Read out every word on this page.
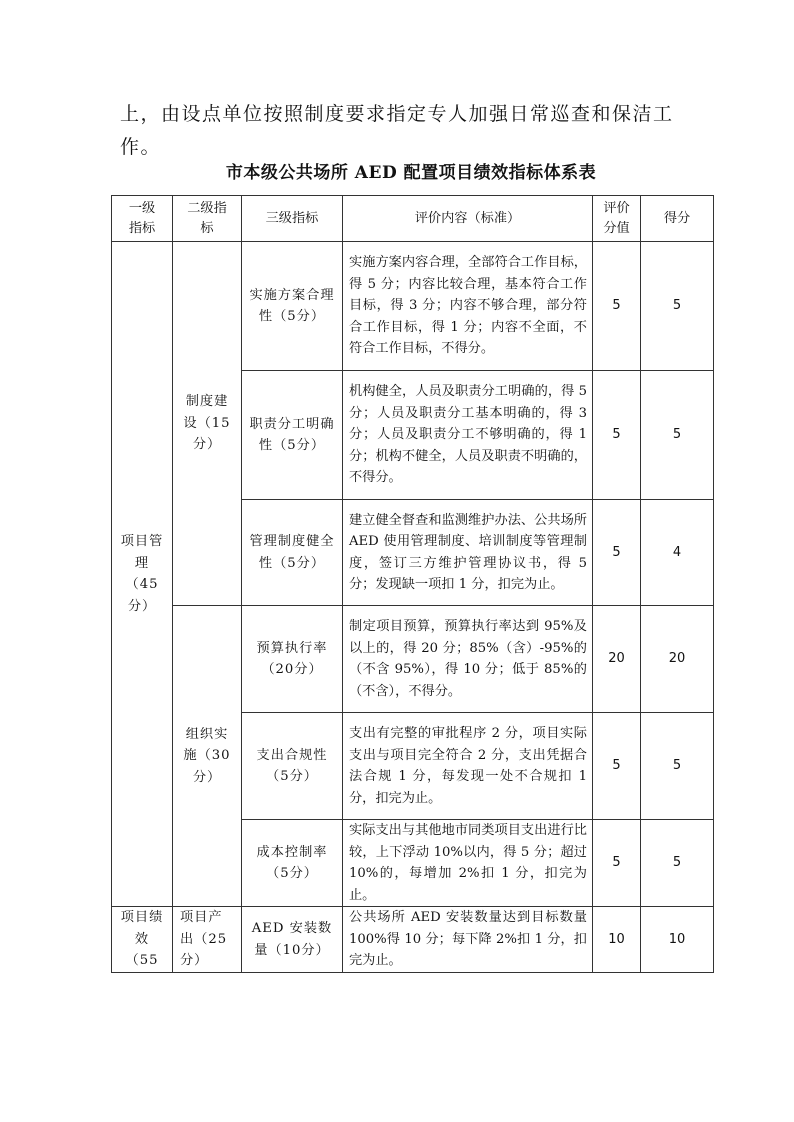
上，由设点单位按照制度要求指定专人加强日常巡查和保洁工作。

市本级公共场所 AED 配置项目绩效指标体系表
一级指标	二级指标	三级指标	评价内容（标准）	评价分值	得分
项目管理（45分）	制度建设（15分）	实施方案合理性（5分）	实施方案内容合理，全部符合工作目标，得 5 分；内容比较合理，基本符合工作目标，得 3 分；内容不够合理，部分符合工作目标，得 1 分；内容不全面，不符合工作目标，不得分。	5	5
		职责分工明确性（5分）	机构健全，人员及职责分工明确的，得 5 分；人员及职责分工基本明确的，得 3 分；人员及职责分工不够明确的，得 1 分；机构不健全，人员及职责不明确的，不得分。	5	5
		管理制度健全性（5分）	建立健全督查和监测维护办法、公共场所 AED 使用管理制度、培训制度等管理制度，签订三方维护管理协议书，得 5 分；发现缺一项扣 1 分，扣完为止。	5	4
	组织实施（30分）	预算执行率（20分）	制定项目预算，预算执行率达到 95%及以上的，得 20 分；85%（含）-95%的（不含 95%），得 10 分；低于 85%的（不含），不得分。	20	20
		支出合规性（5分）	支出有完整的审批程序 2 分，项目实际支出与项目完全符合 2 分，支出凭据合法合规 1 分，每发现一处不合规扣 1 分，扣完为止。	5	5
		成本控制率（5分）	实际支出与其他地市同类项目支出进行比较，上下浮动 10%以内，得 5 分；超过 10%的，每增加 2%扣 1 分，扣完为止。	5	5
项目绩效（55	项目产出（25分）	AED 安装数量（10分）	公共场所 AED 安装数量达到目标数量 100%得 10 分；每下降 2%扣 1 分，扣完为止。	10	10
